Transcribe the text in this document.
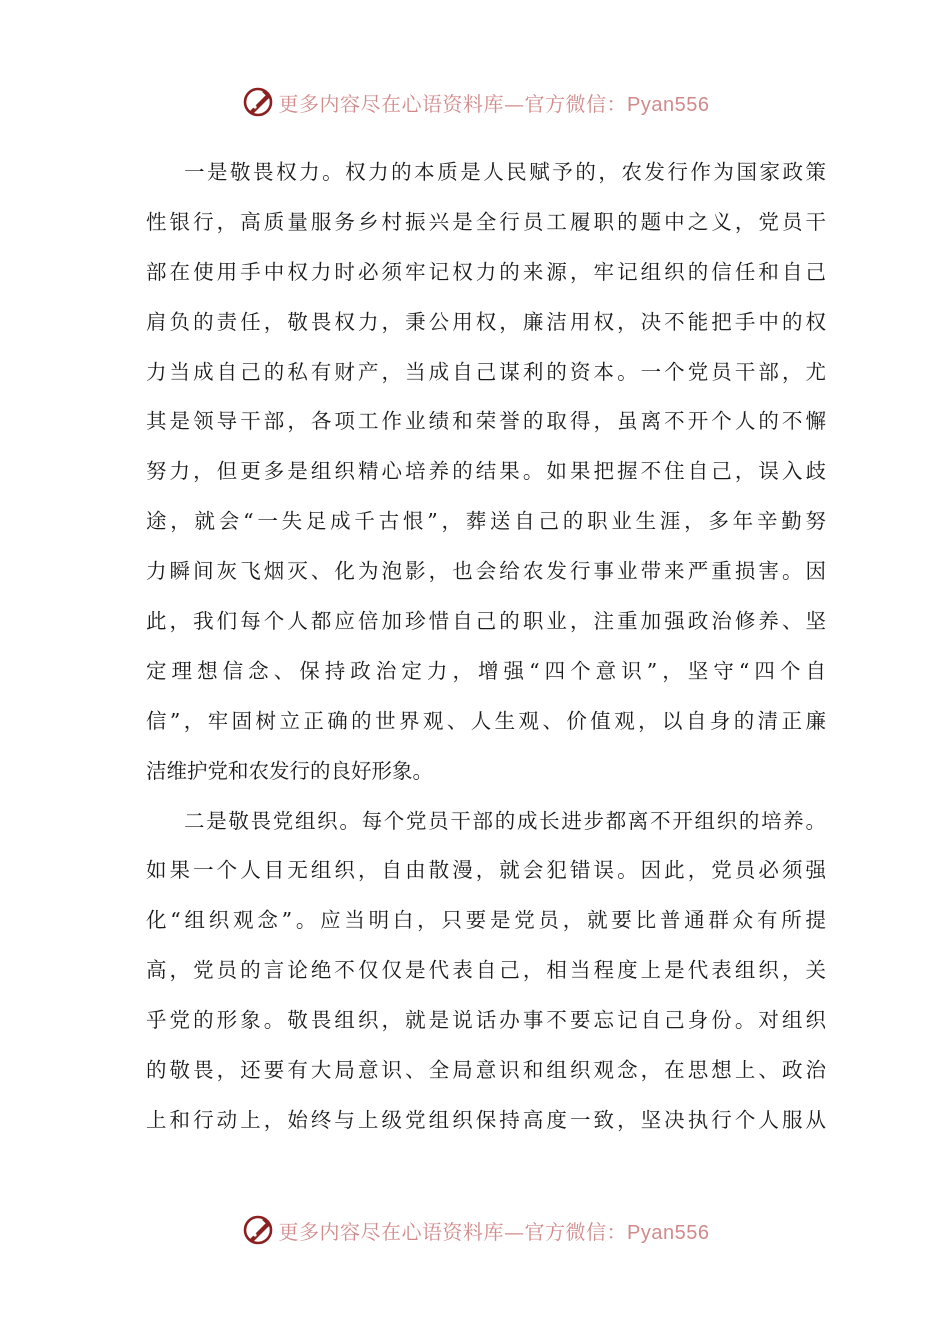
更多内容尽在心语资料库—官方微信：Pyan556
一是敬畏权力。权力的本质是人民赋予的，农发行作为国家政策
性银行，高质量服务乡村振兴是全行员工履职的题中之义，党员干
部在使用手中权力时必须牢记权力的来源，牢记组织的信任和自己
肩负的责任，敬畏权力，秉公用权，廉洁用权，决不能把手中的权
力当成自己的私有财产，当成自己谋利的资本。一个党员干部，尤
其是领导干部，各项工作业绩和荣誉的取得，虽离不开个人的不懈
努力，但更多是组织精心培养的结果。如果把握不住自己，误入歧
途，就会“一失足成千古恨”，葬送自己的职业生涯，多年辛勤努
力瞬间灰飞烟灭、化为泡影，也会给农发行事业带来严重损害。因
此，我们每个人都应倍加珍惜自己的职业，注重加强政治修养、坚
定理想信念、保持政治定力，增强“四个意识”，坚守“四个自
信”，牢固树立正确的世界观、人生观、价值观，以自身的清正廉
洁维护党和农发行的良好形象。
二是敬畏党组织。每个党员干部的成长进步都离不开组织的培养。
如果一个人目无组织，自由散漫，就会犯错误。因此，党员必须强
化“组织观念”。应当明白，只要是党员，就要比普通群众有所提
高，党员的言论绝不仅仅是代表自己，相当程度上是代表组织，关
乎党的形象。敬畏组织，就是说话办事不要忘记自己身份。对组织
的敬畏，还要有大局意识、全局意识和组织观念，在思想上、政治
上和行动上，始终与上级党组织保持高度一致，坚决执行个人服从
更多内容尽在心语资料库—官方微信：Pyan556
